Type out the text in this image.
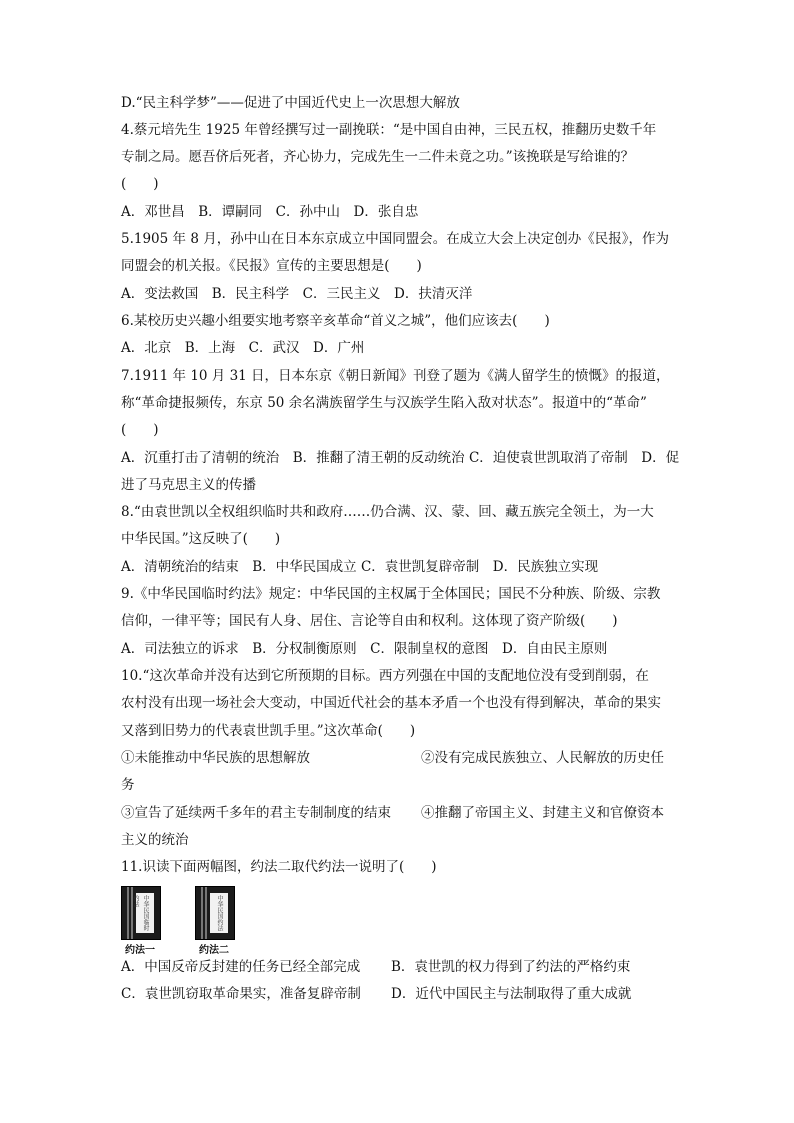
D.“民主科学梦”——促进了中国近代史上一次思想大解放
4.蔡元培先生 1925 年曾经撰写过一副挽联：“是中国自由神，三民五权，推翻历史数千年
专制之局。愿吾侪后死者，齐心协力，完成先生一二件未竟之功。”该挽联是写给谁的？
(　　)
A．邓世昌　B．谭嗣同　C．孙中山　D．张自忠
5.1905 年 8 月，孙中山在日本东京成立中国同盟会。在成立大会上决定创办《民报》，作为
同盟会的机关报。《民报》宣传的主要思想是(　　)
A．变法救国　B．民主科学　C．三民主义　D．扶清灭洋
6.某校历史兴趣小组要实地考察辛亥革命“首义之城”，他们应该去(　　)
A．北京　B．上海　C．武汉　D．广州
7.1911 年 10 月 31 日，日本东京《朝日新闻》刊登了题为《满人留学生的愤慨》的报道，
称“革命捷报频传，东京 50 余名满族留学生与汉族学生陷入敌对状态”。报道中的“革命”
(　　)
A．沉重打击了清朝的统治　B．推翻了清王朝的反动统治 C．迫使袁世凯取消了帝制　D．促
进了马克思主义的传播
8.“由袁世凯以全权组织临时共和政府……仍合满、汉、蒙、回、藏五族完全领土，为一大
中华民国。”这反映了(　　)
A．清朝统治的结束　B．中华民国成立 C．袁世凯复辟帝制　D．民族独立实现
9.《中华民国临时约法》规定：中华民国的主权属于全体国民；国民不分种族、阶级、宗教
信仰，一律平等；国民有人身、居住、言论等自由和权利。这体现了资产阶级(　　)
A．司法独立的诉求　B．分权制衡原则　C．限制皇权的意图　D．自由民主原则
10.“这次革命并没有达到它所预期的目标。西方列强在中国的支配地位没有受到削弱，在
农村没有出现一场社会大变动，中国近代社会的基本矛盾一个也没有得到解决，革命的果实
又落到旧势力的代表袁世凯手里。”这次革命(　　)
①未能推动中华民族的思想解放	②没有完成民族独立、人民解放的历史任
务
③宣告了延续两千多年的君主专制制度的结束 ④推翻了帝国主义、封建主义和官僚资本
主义的统治
11.识读下面两幅图，约法二取代约法一说明了(　　)
中华民国临时约法
约法一
中华民国约法
约法二
A．中国反帝反封建的任务已经全部完成 B．袁世凯的权力得到了约法的严格约束
C．袁世凯窃取革命果实，准备复辟帝制 D．近代中国民主与法制取得了重大成就
